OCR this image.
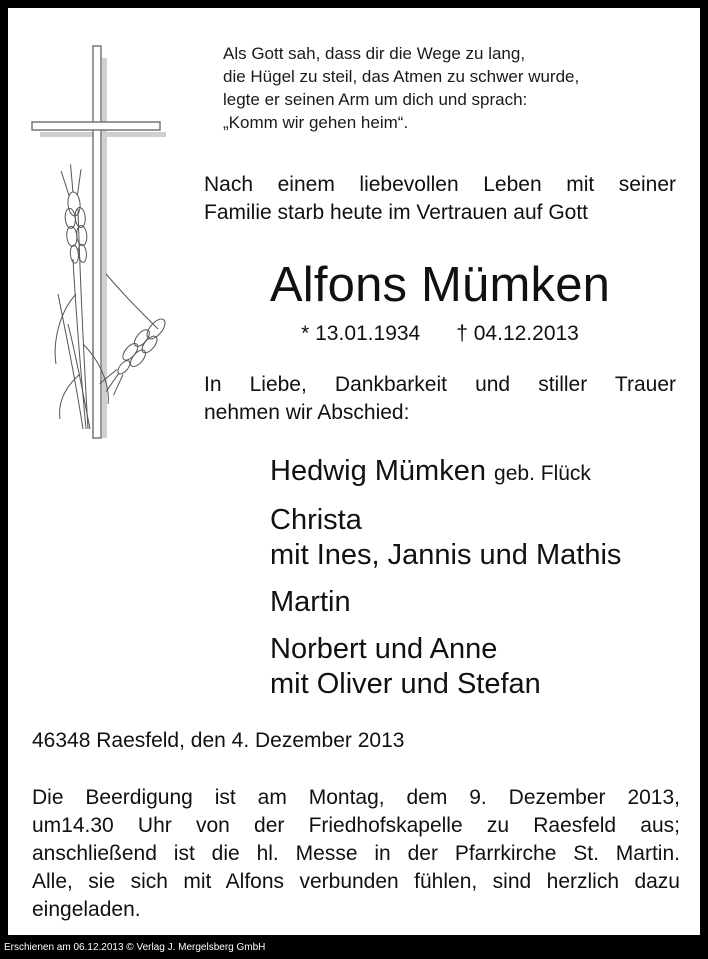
Als Gott sah, dass dir die Wege zu lang,
die Hügel zu steil, das Atmen zu schwer wurde,
legte er seinen Arm um dich und sprach:
„Komm wir gehen heim“.
Nach einem liebevollen Leben mit seiner
Familie starb heute im Vertrauen auf Gott
Alfons Mümken
* 13.01.1934 † 04.12.2013
In Liebe, Dankbarkeit und stiller Trauer
nehmen wir Abschied:
Hedwig Mümken geb. Flück
Christa
mit Ines, Jannis und Mathis
Martin
Norbert und Anne
mit Oliver und Stefan
46348 Raesfeld, den 4. Dezember 2013
Die Beerdigung ist am Montag, dem 9. Dezember 2013,
um14.30 Uhr von der Friedhofskapelle zu Raesfeld aus;
anschließend ist die hl. Messe in der Pfarrkirche St. Martin.
Alle, sie sich mit Alfons verbunden fühlen, sind herzlich dazu
eingeladen.
Erschienen am 06.12.2013 © Verlag J. Mergelsberg GmbH
